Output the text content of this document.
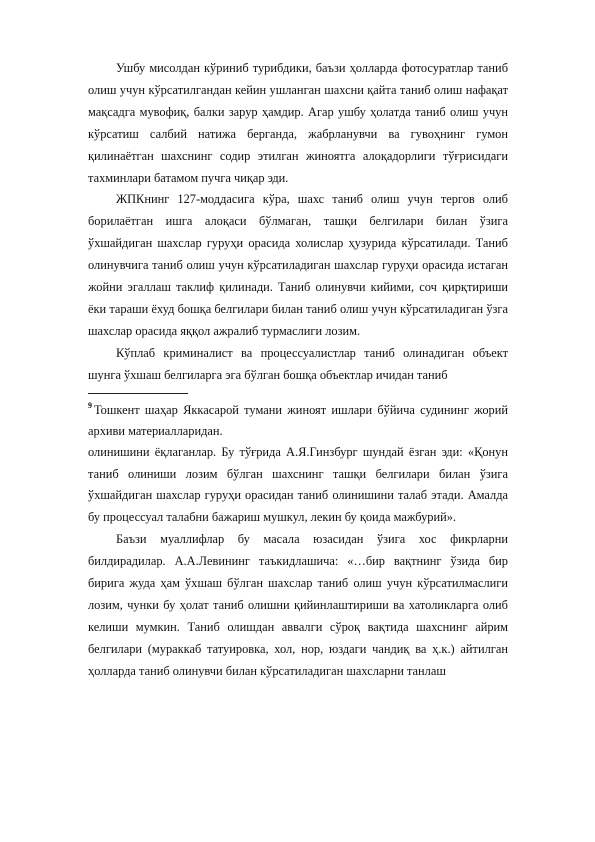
Ушбу мисолдан кўриниб турибдики, баъзи ҳолларда фотосуратлар таниб олиш учун кўрсатилгандан кейин ушланган шахсни қайта таниб олиш нафақат мақсадга мувофиқ, балки зарур ҳамдир. Агар ушбу ҳолатда таниб олиш учун кўрсатиш салбий натижа берганда, жабрланувчи ва гувоҳнинг гумон қилинаётган шахснинг содир этилган жиноятга алоқадорлиги тўғрисидаги тахминлари батамом пучга чиқар эди.

ЖПКнинг 127-моддасига кўра, шахс таниб олиш учун тергов олиб борилаётган ишга алоқаси бўлмаган, ташқи белгилари билан ўзига ўхшайдиган шахслар гуруҳи орасида холислар ҳузурида кўрсатилади. Таниб олинувчига таниб олиш учун кўрсатиладиган шахслар гуруҳи орасида истаган жойни эгаллаш таклиф қилинади. Таниб олинувчи кийими, соч қирқтириши ёки тараши ёхуд бошқа белгилари билан таниб олиш учун кўрсатиладиган ўзга шахслар орасида яққол ажралиб турмаслиги лозим.

Кўплаб криминалист ва процессуалистлар таниб олинадиган объект шунга ўхшаш белгиларга эга бўлган бошқа объектлар ичидан таниб

$^9$ Тошкент шаҳар Яккасарой тумани жиноят ишлари бўйича судининг жорий архиви материалларидан.

олинишини ёқлаганлар. Бу тўғрида А.Я.Гинзбург шундай ёзган эди: «Қонун таниб олиниши лозим бўлган шахснинг ташқи белгилари билан ўзига ўхшайдиган шахслар гуруҳи орасидан таниб олинишини талаб этади. Амалда бу процессуал талабни бажариш мушкул, лекин бу қоида мажбурий».

Баъзи муаллифлар бу масала юзасидан ўзига хос фикрларни билдирадилар. А.А.Левининг таъкидлашича: «…бир вақтнинг ўзида бир бирига жуда ҳам ўхшаш бўлган шахслар таниб олиш учун кўрсатилмаслиги лозим, чунки бу ҳолат таниб олишни қийинлаштириши ва хатоликларга олиб келиши мумкин. Таниб олишдан аввалги сўроқ вақтида шахснинг айрим белгилари (мураккаб татуировка, хол, нор, юздаги чандиқ ва ҳ.к.) айтилган ҳолларда таниб олинувчи билан кўрсатиладиган шахсларни танлаш
